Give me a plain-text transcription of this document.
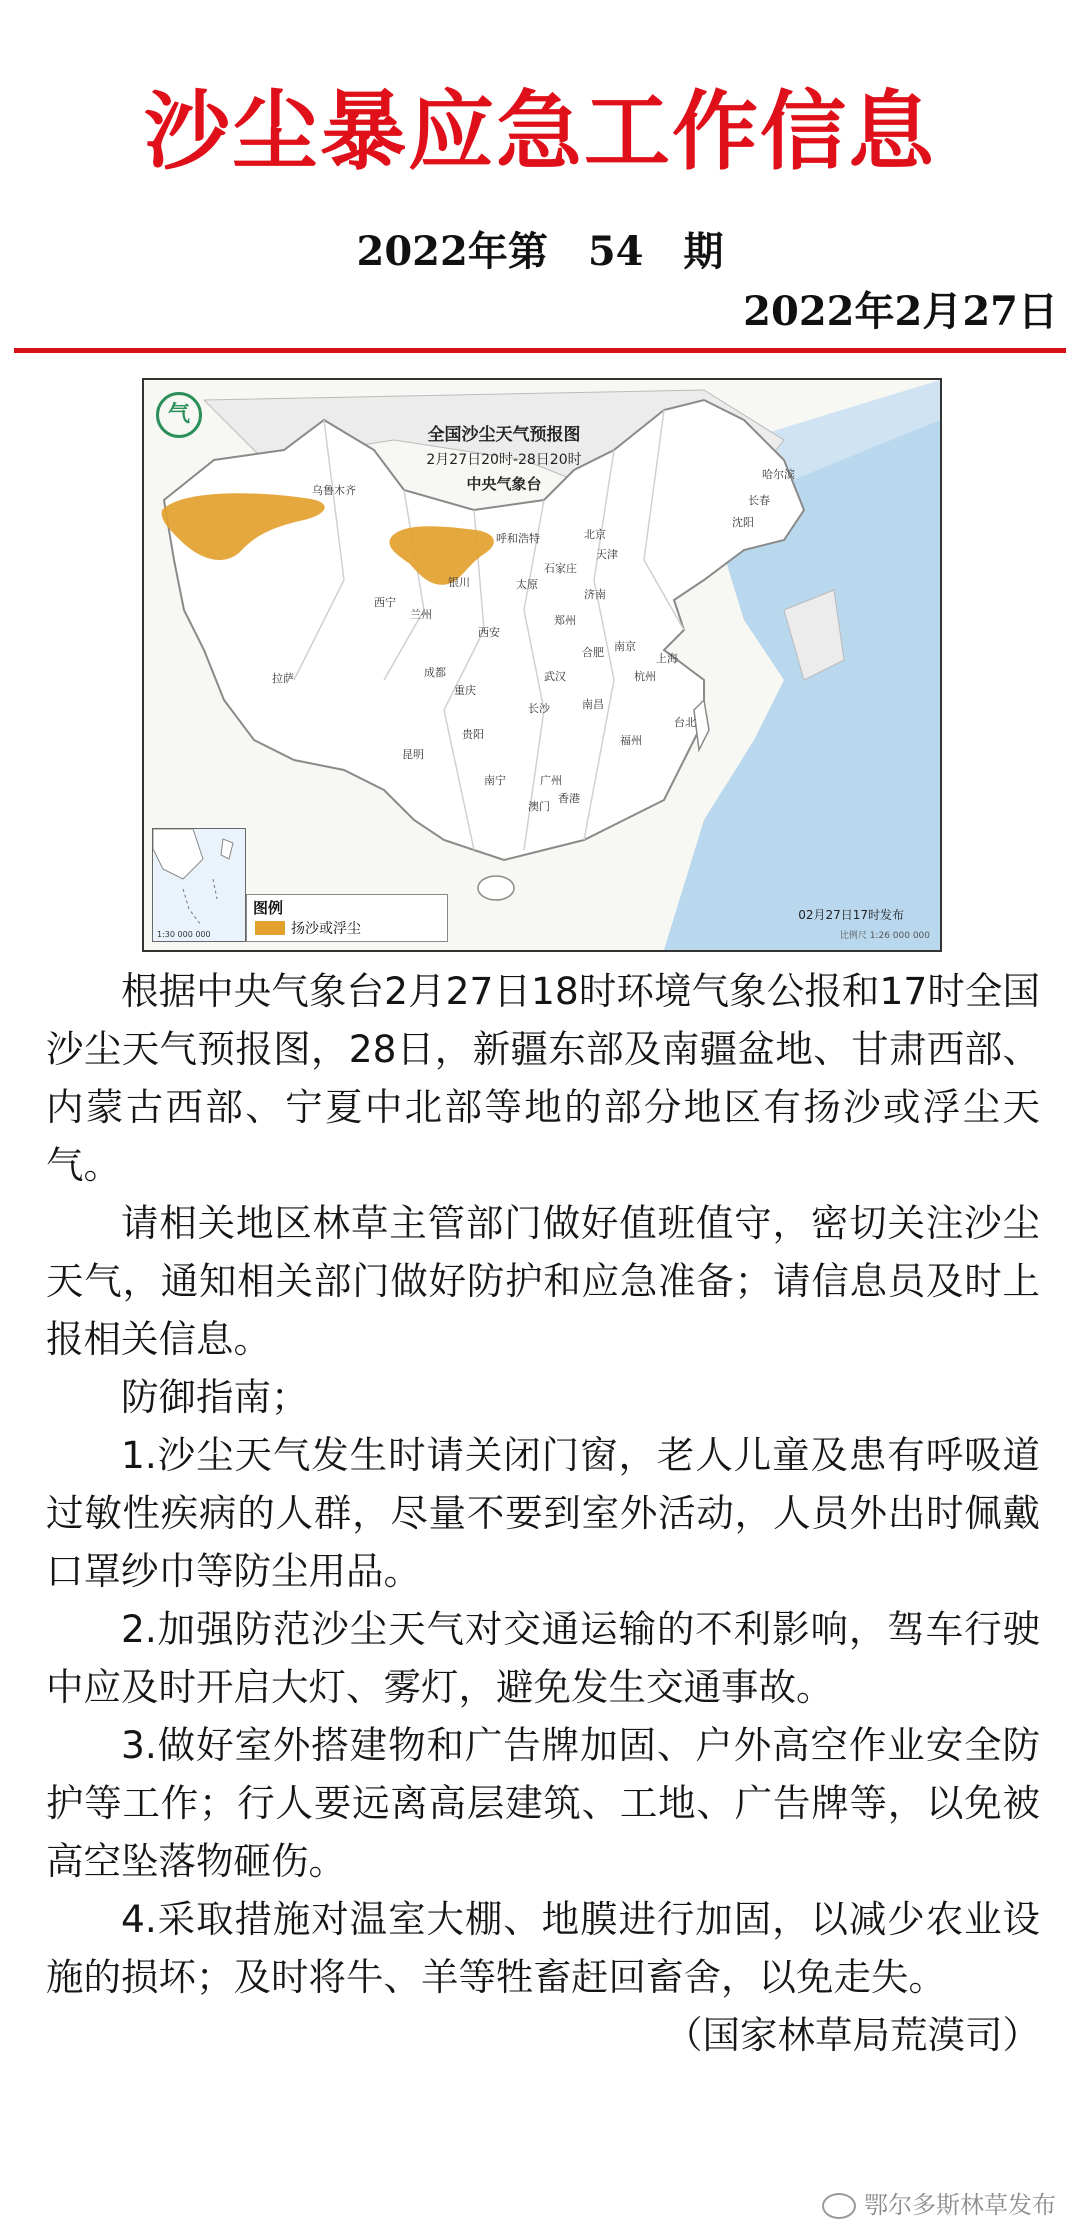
沙尘暴应急工作信息
2022年第　54　期
2022年2月27日
气
全国沙尘天气预报图
2月27日20时-28日20时
中央气象台
乌鲁木齐
哈尔滨
长春
沈阳
呼和浩特	北京
天津
石家庄
太原
银川
济南
西宁
兰州	郑州
西安
合肥 南京
上海
杭州
武汉
成都
重庆
长沙	南昌
拉萨
贵阳	福州
台北
昆明
南宁	广州
香港
澳门
1:30 000 000
图例
扬沙或浮尘
02月27日17时发布
比例尺 1:26 000 000

根据中央气象台2月27日18时环境气象公报和17时全国沙尘天气预报图，28日，新疆东部及南疆盆地、甘肃西部、内蒙古西部、宁夏中北部等地的部分地区有扬沙或浮尘天气。

请相关地区林草主管部门做好值班值守，密切关注沙尘天气，通知相关部门做好防护和应急准备；请信息员及时上报相关信息。

防御指南；

1.沙尘天气发生时请关闭门窗，老人儿童及患有呼吸道过敏性疾病的人群，尽量不要到室外活动，人员外出时佩戴口罩纱巾等防尘用品。

2.加强防范沙尘天气对交通运输的不利影响，驾车行驶中应及时开启大灯、雾灯，避免发生交通事故。

3.做好室外搭建物和广告牌加固、户外高空作业安全防护等工作；行人要远离高层建筑、工地、广告牌等，以免被高空坠落物砸伤。

4.采取措施对温室大棚、地膜进行加固，以减少农业设施的损坏；及时将牛、羊等牲畜赶回畜舍，以免走失。

（国家林草局荒漠司）

鄂尔多斯林草发布
